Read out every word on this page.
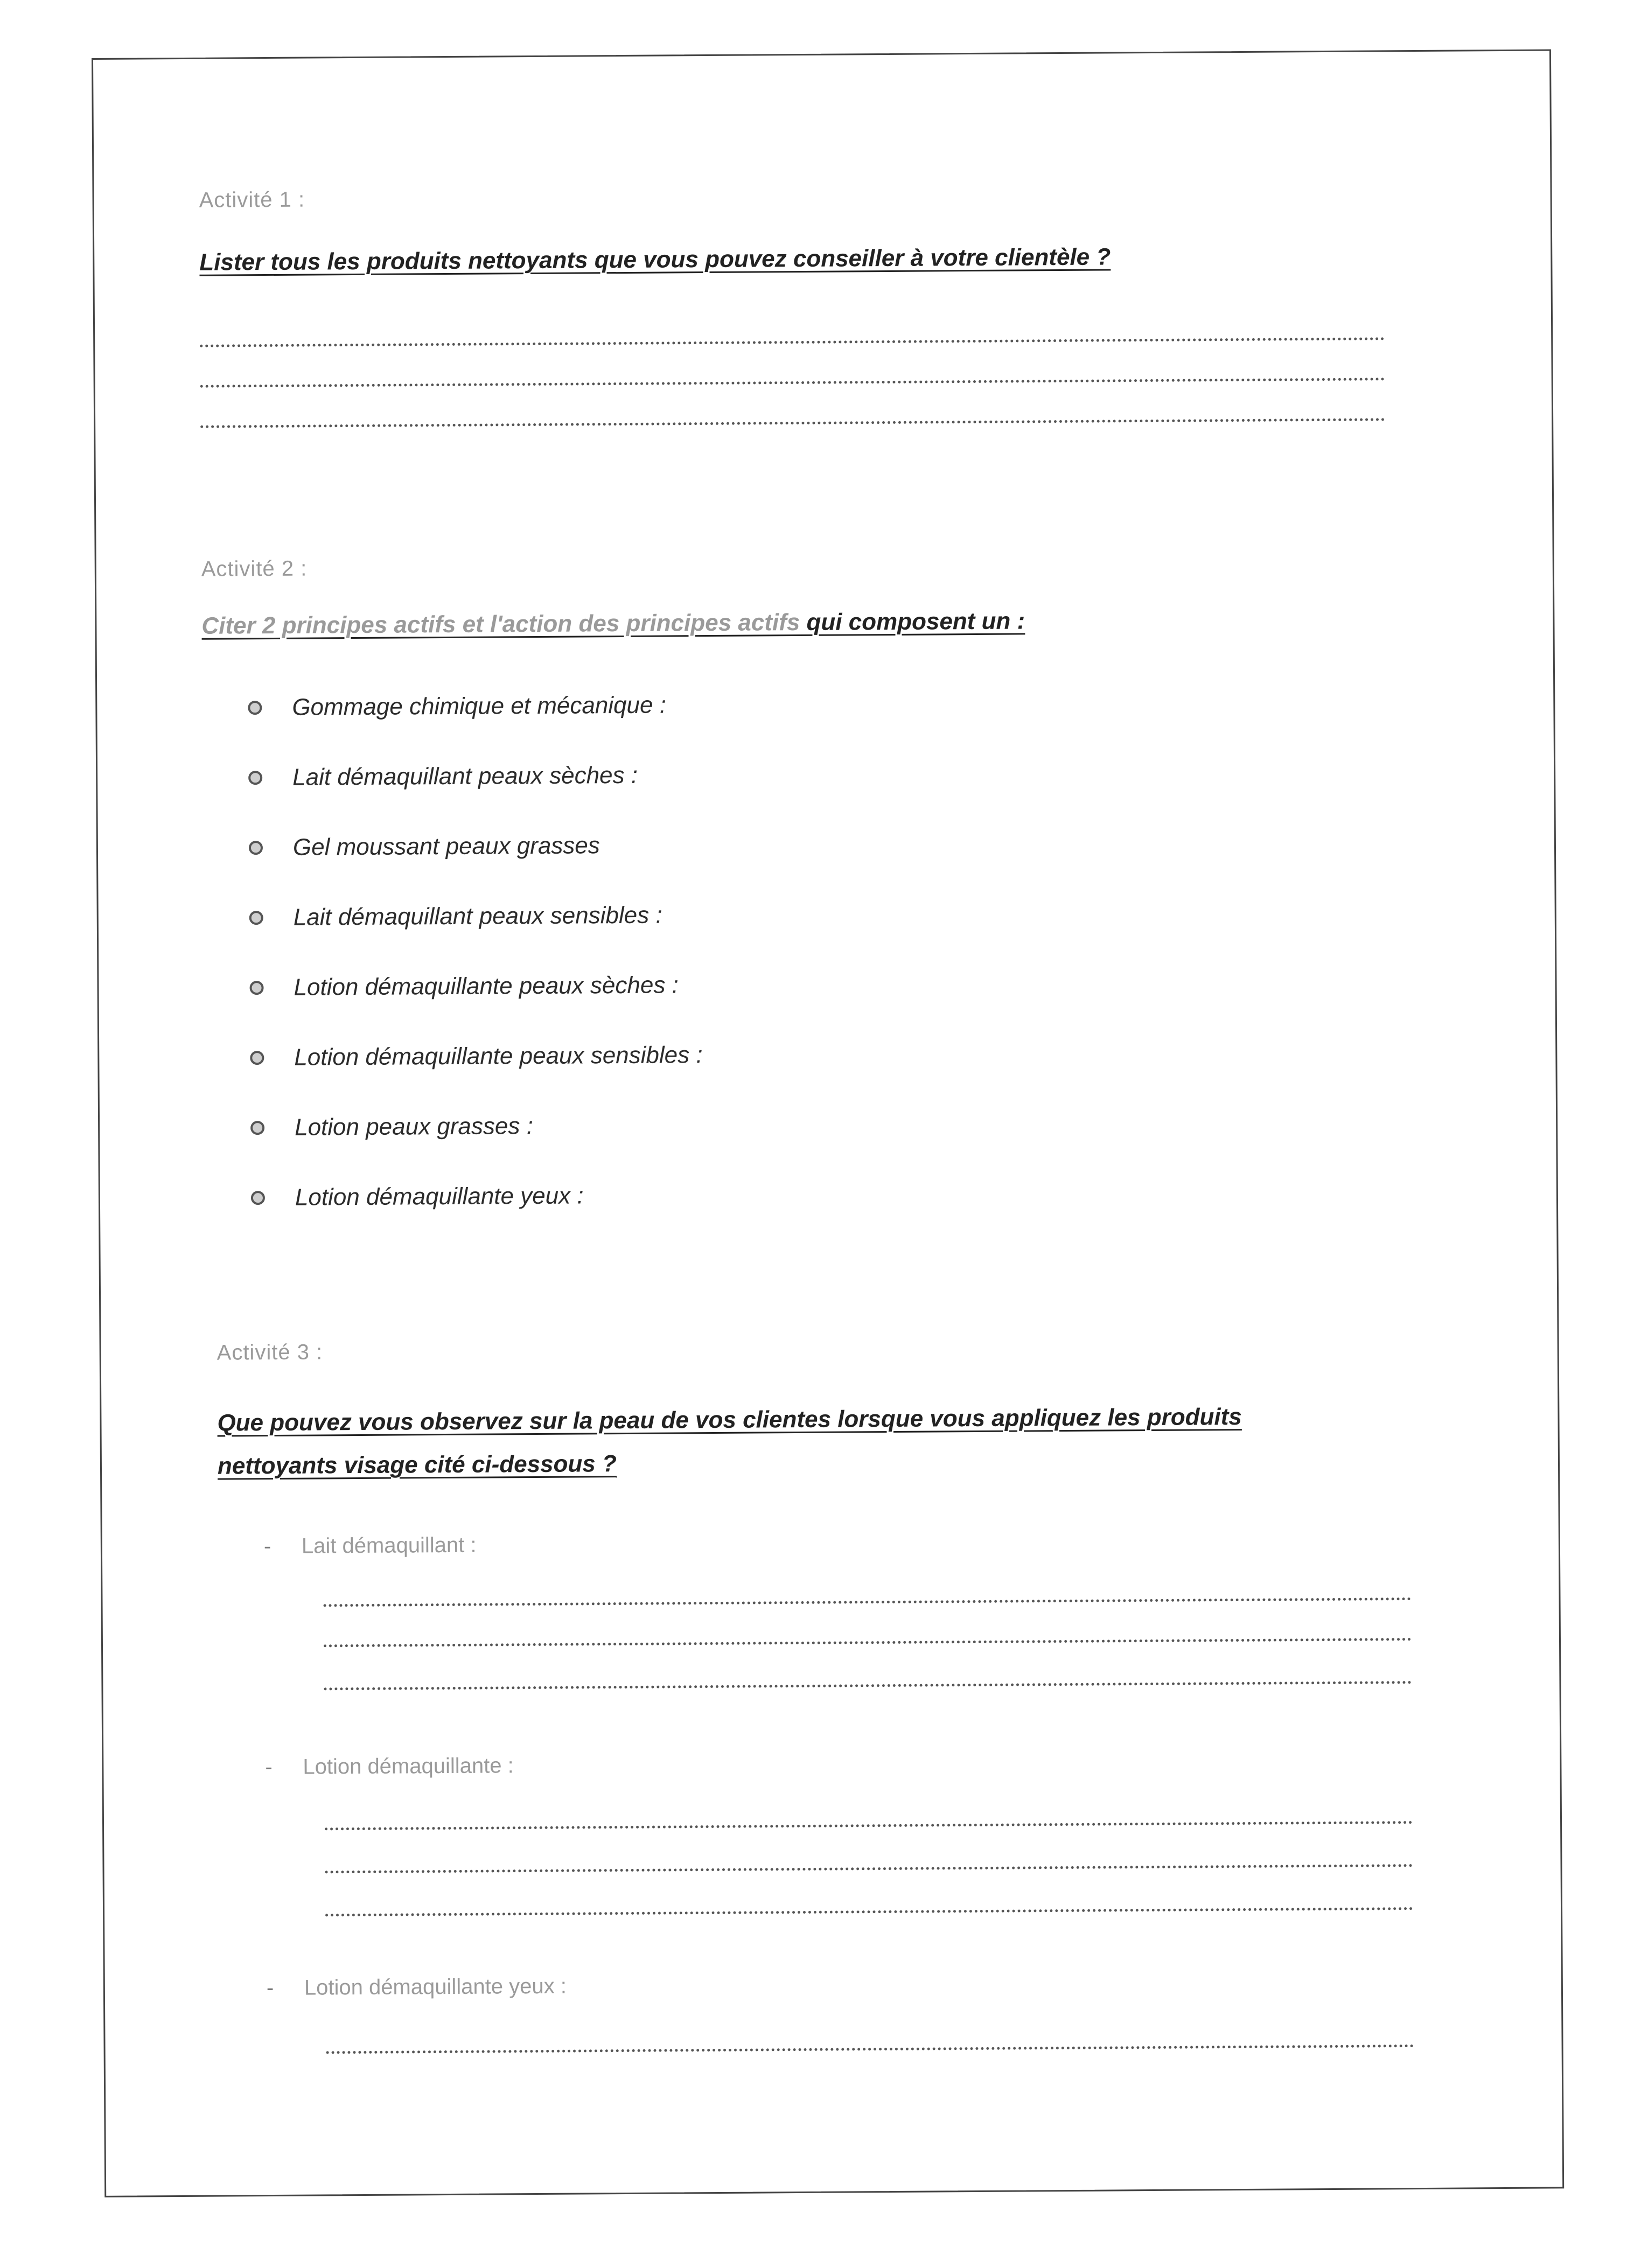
Activité 1 :
Lister tous les produits nettoyants que vous pouvez conseiller à votre clientèle ?
Activité 2 :
Citer 2 principes actifs et l'action des principes actifs qui composent un :
Gommage chimique et mécanique :
Lait démaquillant peaux sèches :
Gel moussant peaux grasses
Lait démaquillant peaux sensibles :
Lotion démaquillante peaux sèches :
Lotion démaquillante peaux sensibles :
Lotion peaux grasses :
Lotion démaquillante yeux :
Activité 3 :
Que pouvez vous observez sur la peau de vos clientes lorsque vous appliquez les produits
nettoyants visage cité ci-dessous ?
- Lait démaquillant :
- Lotion démaquillante :
- Lotion démaquillante yeux :
